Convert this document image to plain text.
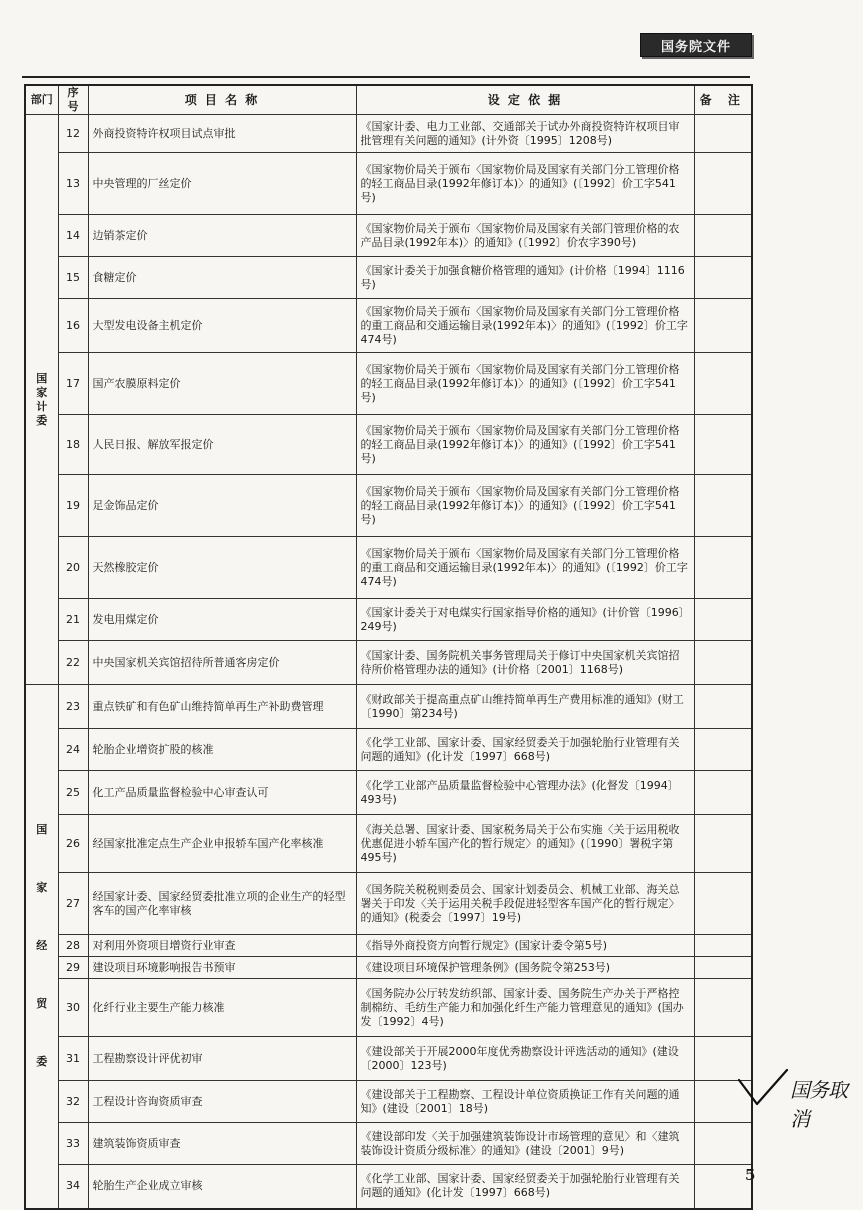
国务院文件
部门	序号	项 目 名 称	设 定 依 据	备 注

国
家
计
委	12	外商投资特许权项目试点审批	《国家计委、电力工业部、交通部关于试办外商投资特许权项目审批管理有关问题的通知》(计外资〔1995〕1208号)	
	13	中央管理的厂丝定价	《国家物价局关于颁布〈国家物价局及国家有关部门分工管理价格的轻工商品目录(1992年修订本)〉的通知》(〔1992〕价工字541号)	
	14	边销茶定价	《国家物价局关于颁布〈国家物价局及国家有关部门管理价格的农产品目录(1992年本)〉的通知》(〔1992〕价农字390号)	
	15	食糖定价	《国家计委关于加强食糖价格管理的通知》(计价格〔1994〕1116号)	
	16	大型发电设备主机定价	《国家物价局关于颁布〈国家物价局及国家有关部门分工管理价格的重工商品和交通运输目录(1992年本)〉的通知》(〔1992〕价工字474号)	
	17	国产农膜原料定价	《国家物价局关于颁布〈国家物价局及国家有关部门分工管理价格的轻工商品目录(1992年修订本)〉的通知》(〔1992〕价工字541号)	
	18	人民日报、解放军报定价	《国家物价局关于颁布〈国家物价局及国家有关部门分工管理价格的轻工商品目录(1992年修订本)〉的通知》(〔1992〕价工字541号)	
	19	足金饰品定价	《国家物价局关于颁布〈国家物价局及国家有关部门分工管理价格的轻工商品目录(1992年修订本)〉的通知》(〔1992〕价工字541号)	
	20	天然橡胶定价	《国家物价局关于颁布〈国家物价局及国家有关部门分工管理价格的重工商品和交通运输目录(1992年本)〉的通知》(〔1992〕价工字474号)	
	21	发电用煤定价	《国家计委关于对电煤实行国家指导价格的通知》(计价管〔1996〕249号)	
	22	中央国家机关宾馆招待所普通客房定价	《国家计委、国务院机关事务管理局关于修订中央国家机关宾馆招待所价格管理办法的通知》(计价格〔2001〕1168号)	

国
家
经
贸
委	23	重点铁矿和有色矿山维持简单再生产补助费管理	《财政部关于提高重点矿山维持简单再生产费用标准的通知》(财工〔1990〕第234号)	
	24	轮胎企业增资扩股的核准	《化学工业部、国家计委、国家经贸委关于加强轮胎行业管理有关问题的通知》(化计发〔1997〕668号)	
	25	化工产品质量监督检验中心审查认可	《化学工业部产品质量监督检验中心管理办法》(化督发〔1994〕493号)	
	26	经国家批准定点生产企业申报轿车国产化率核准	《海关总署、国家计委、国家税务局关于公布实施〈关于运用税收优惠促进小轿车国产化的暂行规定〉的通知》(〔1990〕署税字第495号)	
	27	经国家计委、国家经贸委批准立项的企业生产的轻型客车的国产化率审核	《国务院关税税则委员会、国家计划委员会、机械工业部、海关总署关于印发〈关于运用关税手段促进轻型客车国产化的暂行规定〉的通知》(税委会〔1997〕19号)	
	28	对利用外资项目增资行业审查	《指导外商投资方向暂行规定》(国家计委令第5号)	
	29	建设项目环境影响报告书预审	《建设项目环境保护管理条例》(国务院令第253号)	
	30	化纤行业主要生产能力核准	《国务院办公厅转发纺织部、国家计委、国务院生产办关于严格控制棉纺、毛纺生产能力和加强化纤生产能力管理意见的通知》(国办发〔1992〕4号)	
	31	工程勘察设计评优初审	《建设部关于开展2000年度优秀勘察设计评选活动的通知》(建设〔2000〕123号)	
	32	工程设计咨询资质审查	《建设部关于工程勘察、工程设计单位资质换证工作有关问题的通知》(建设〔2001〕18号)	
	33	建筑装饰资质审查	《建设部印发〈关于加强建筑装饰设计市场管理的意见〉和〈建筑装饰设计资质分级标准〉的通知》(建设〔2001〕9号)	
	34	轮胎生产企业成立审核	《化学工业部、国家计委、国家经贸委关于加强轮胎行业管理有关问题的通知》(化计发〔1997〕668号)	
国务取消
5
